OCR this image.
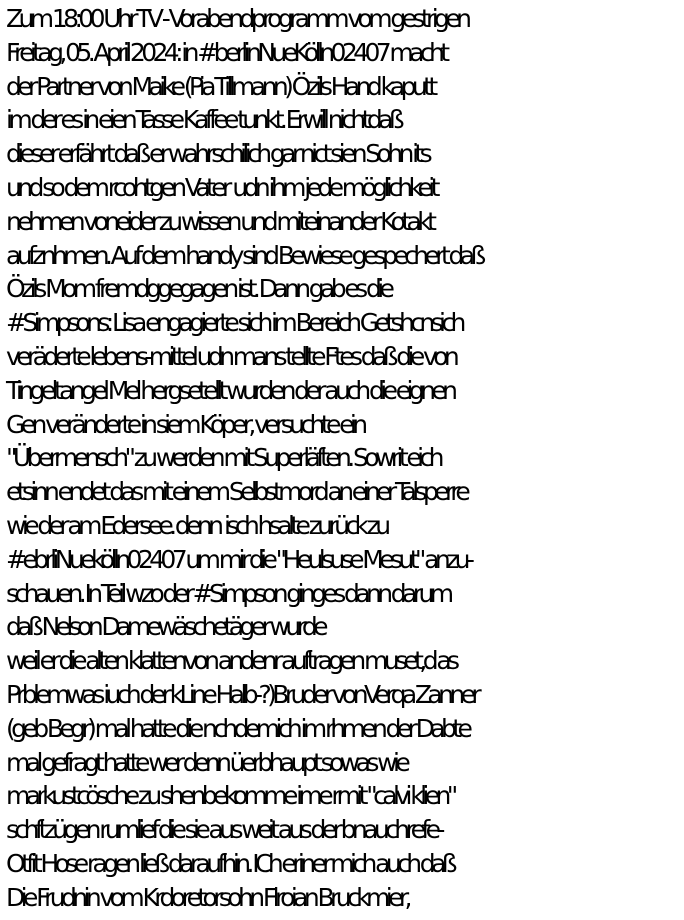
Zum 18:00 Uhr TV - Vorabendprogramm vom gestrigen
Freitag, 05. April 2024: in #berlinNueKölln02407 macht
der Partner von Maike (Pia Tillmann) Özils Hand kaputt
im der es in eien Tasse Kaffee tunkt. Erwill nichtdaß
dieser erfährt daß er wahrschilich gar nict sien Sohn its
und so dem rcohtgen Vater  udn ihm jede möglichkeit
nehmen voneider zu wissen und miteinander Kotakt
aufznhmen. Auf dem handy sind Bewiese gespechert daß
Özils Mom fremdggegagen ist. Dann gab es die
#Simpsons: Lisa engagierte sich im Bereich Getshcnsich
veräderte lebens-mittel udn mans tellte Ftes daß die von
Tingeltangel Mel hergsetellt wurden der auch die eignen
Gen veränderte in siem Köper, versuchte ein
"Übermensch" zu werden mit Superläften. Sowrit eich
etsinn endet das mit einem Selbstmord an einer Talsperre
wie der am Edersee. denn  isch hsalte zurück zu
#ebrliNuekölln02407 um mir die "Heulsuse Mesut" anzu-
schauen. In Teil wzo der #Simpson ginges dann darum
daß Nelson Damewäschetäger wurde
weil er die alten klattenvon andenr auftragen muset,d as
Prblemwas iuch der kLine Halb-?)Bruder vonVerqa Zanner
(geb Begr) mal hatte die nchdemich im rhmen der Dabte
mal gefragt hatte wer denn üerbhaupt sowas wie
markustcösche zu shenbekomme ime rmit "calvi klien"
schftzügen rumlief die sie aus weit aus der bnauchrefe-
Otfit Hose ragen ließ daraufhin. ICh eriner mich auch daß
Die Frudnin vom Krdoretorsohn Flroian Bruckmier,
